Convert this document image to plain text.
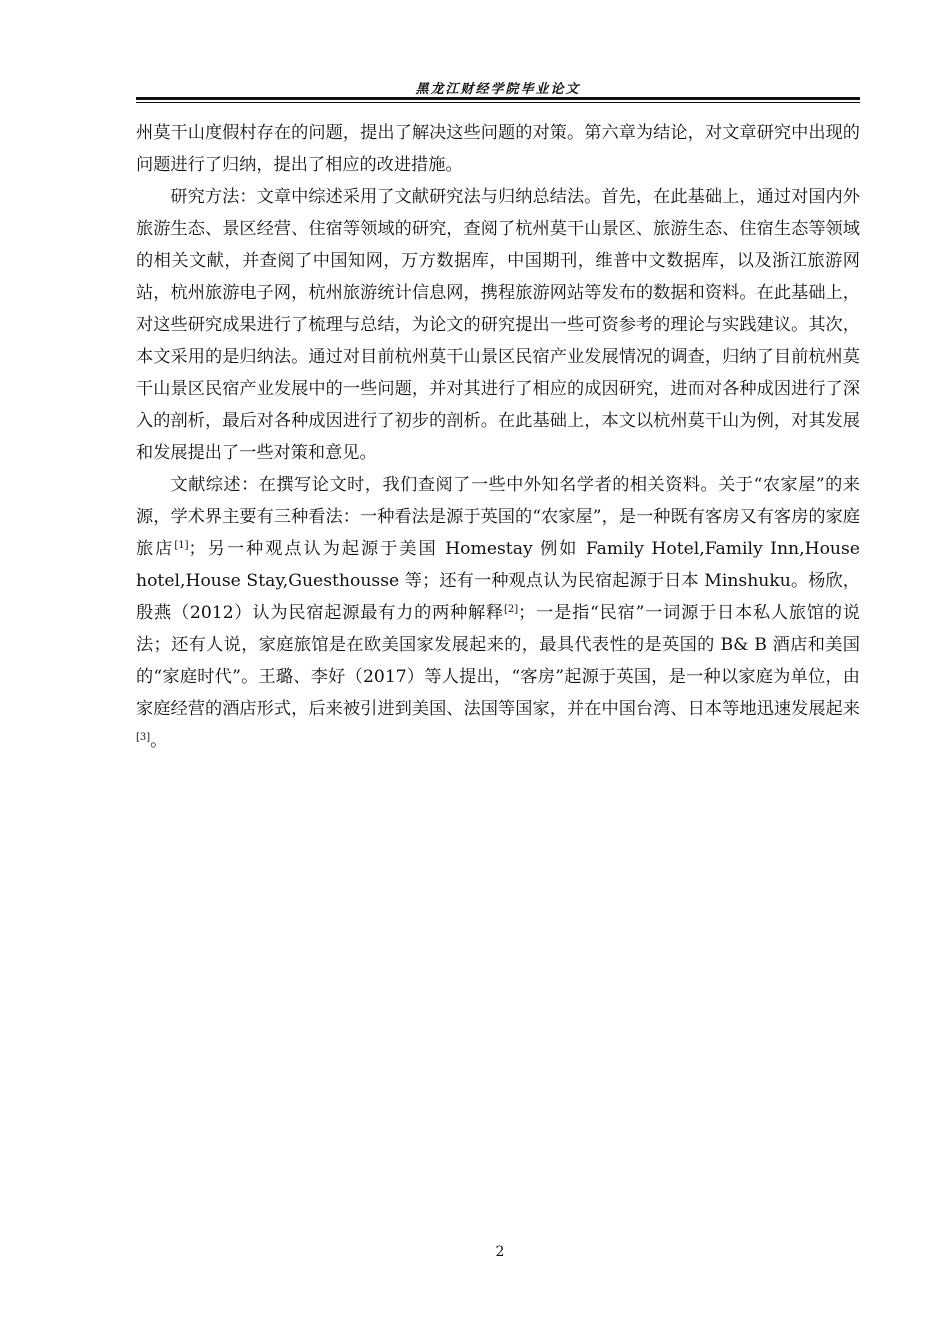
黑龙江财经学院毕业论文

州莫干山度假村存在的问题，提出了解决这些问题的对策。第六章为结论，对文章研究中出现的问题进行了归纳，提出了相应的改进措施。

研究方法：文章中综述采用了文献研究法与归纳总结法。首先，在此基础上，通过对国内外旅游生态、景区经营、住宿等领域的研究，查阅了杭州莫干山景区、旅游生态、住宿生态等领域的相关文献，并查阅了中国知网，万方数据库，中国期刊，维普中文数据库，以及浙江旅游网站，杭州旅游电子网，杭州旅游统计信息网，携程旅游网站等发布的数据和资料。在此基础上，对这些研究成果进行了梳理与总结，为论文的研究提出一些可资参考的理论与实践建议。其次，本文采用的是归纳法。通过对目前杭州莫干山景区民宿产业发展情况的调查，归纳了目前杭州莫干山景区民宿产业发展中的一些问题，并对其进行了相应的成因研究，进而对各种成因进行了深入的剖析，最后对各种成因进行了初步的剖析。在此基础上，本文以杭州莫干山为例，对其发展和发展提出了一些对策和意见。

文献综述：在撰写论文时，我们查阅了一些中外知名学者的相关资料。关于“农家屋”的来源，学术界主要有三种看法：一种看法是源于英国的“农家屋”，是一种既有客房又有客房的家庭旅店[1]；另一种观点认为起源于美国 Homestay 例如 Family Hotel,Family Inn,House hotel,House Stay,Guesthousse 等；还有一种观点认为民宿起源于日本 Minshuku。杨欣，殷燕（2012）认为民宿起源最有力的两种解释[2]；一是指“民宿”一词源于日本私人旅馆的说法；还有人说，家庭旅馆是在欧美国家发展起来的，最具代表性的是英国的 B& B 酒店和美国的“家庭时代”。王璐、李好（2017）等人提出，“客房”起源于英国，是一种以家庭为单位，由家庭经营的酒店形式，后来被引进到美国、法国等国家，并在中国台湾、日本等地迅速发展起来[3]。

2
